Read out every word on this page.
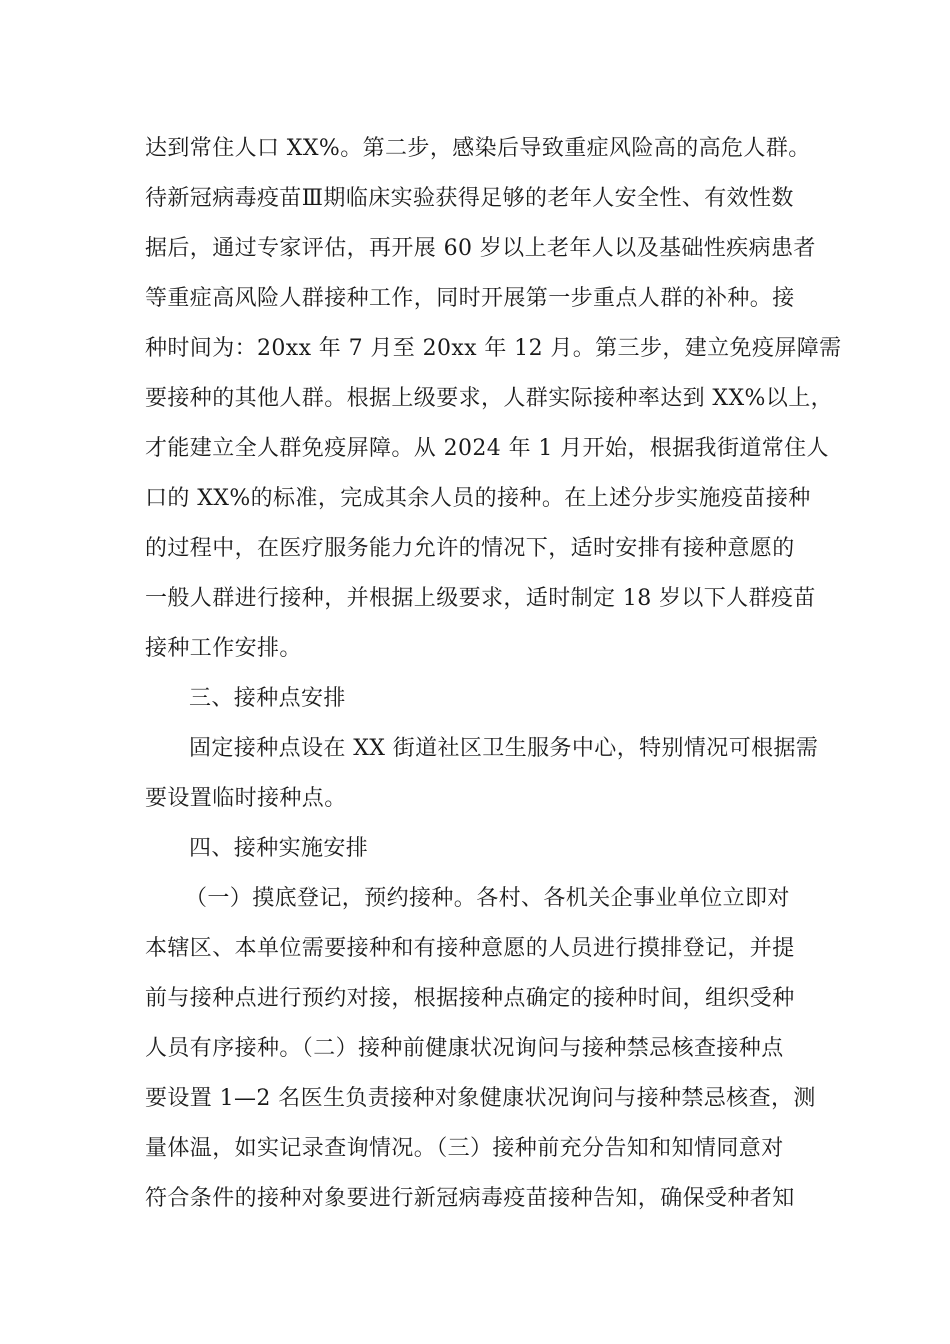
达到常住人口 XX%。第二步，感染后导致重症风险高的高危人群。
待新冠病毒疫苗Ⅲ期临床实验获得足够的老年人安全性、有效性数
据后，通过专家评估，再开展 60 岁以上老年人以及基础性疾病患者
等重症高风险人群接种工作，同时开展第一步重点人群的补种。接
种时间为：20xx 年 7 月至 20xx 年 12 月。第三步，建立免疫屏障需
要接种的其他人群。根据上级要求，人群实际接种率达到 XX%以上，
才能建立全人群免疫屏障。从 2024 年 1 月开始，根据我街道常住人
口的 XX%的标准，完成其余人员的接种。在上述分步实施疫苗接种
的过程中，在医疗服务能力允许的情况下，适时安排有接种意愿的
一般人群进行接种，并根据上级要求，适时制定 18 岁以下人群疫苗
接种工作安排。
三、接种点安排
固定接种点设在 XX 街道社区卫生服务中心，特别情况可根据需
要设置临时接种点。
四、接种实施安排
（一）摸底登记，预约接种。各村、各机关企事业单位立即对
本辖区、本单位需要接种和有接种意愿的人员进行摸排登记，并提
前与接种点进行预约对接，根据接种点确定的接种时间，组织受种
人员有序接种。（二）接种前健康状况询问与接种禁忌核查接种点
要设置 1—2 名医生负责接种对象健康状况询问与接种禁忌核查，测
量体温，如实记录查询情况。（三）接种前充分告知和知情同意对
符合条件的接种对象要进行新冠病毒疫苗接种告知，确保受种者知
